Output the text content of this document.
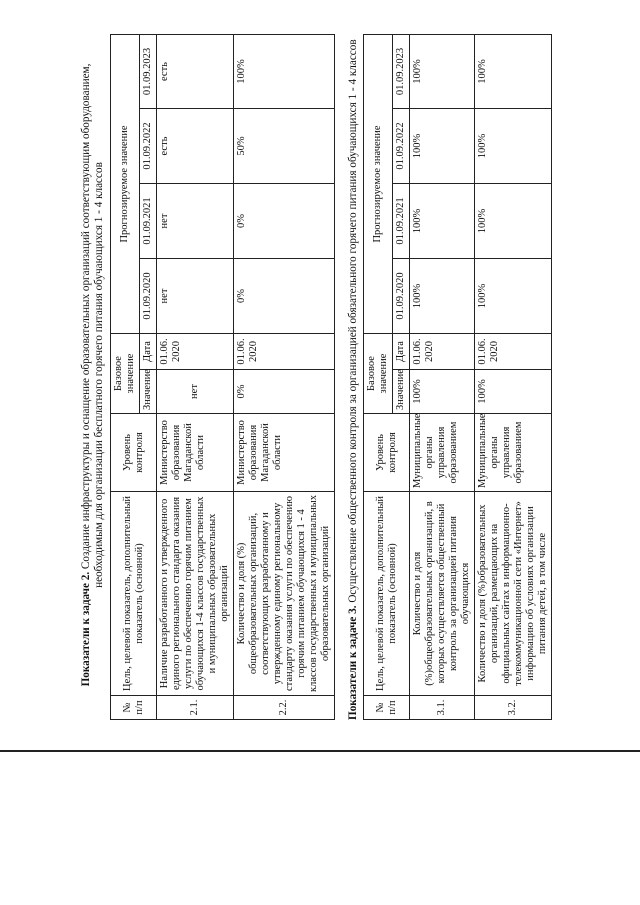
Показатели к задаче 2. Создание инфраструктуры и оснащение образовательных организаций соответствующим оборудованием, необходимым для организации бесплатного горячего питания обучающихся 1 - 4 классов

№ п/п	Цель, целевой показатель, дополнительный показатель (основной)	Уровень контроля	Базовое значение		Прогнозируемое значение			
			Значение	Дата	01.09.2020	01.09.2021	01.09.2022	01.09.2023
2.1.	Наличие разработанного и утвержденного единого регионального стандарта оказания услуги по обеспечению горячим питанием обучающихся 1-4 классов государственных и муниципальных образовательных организаций	Министерство образования Магаданской области	нет	01.06. 2020	нет	нет	есть	есть
2.2.	Количество и доля (%) общеобразовательных организаций, соответствующих разработанному и утвержденному единому региональному стандарту оказания услуги по обеспечению горячим питанием обучающихся 1 - 4 классов государственных и муниципальных образовательных организаций	Министерство образования Магаданской области	0%	01.06. 2020	0%	0%	50%	100%

Показатели к задаче 3. Осуществление общественного контроля за организацией обязательного горячего питания обучающихся 1 - 4 классов

№ п/п	Цель, целевой показатель, дополнительный показатель (основной)	Уровень контроля	Базовое значение		Прогнозируемое значение			
			Значение	Дата	01.09.2020	01.09.2021	01.09.2022	01.09.2023
3.1.	Количество и доля (%)общеобразовательных организаций, в которых осуществляется общественный контроль за организацией питания обучающихся	Муниципальные органы управления образованием	100%	01.06. 2020	100%	100%	100%	100%
3.2.	Количество и доля (%)образовательных организаций, размещающих на официальных сайтах в информационно-телекоммуникационной сети «Интернет» информацию об условиях организации питания детей, в том числе	Муниципальные органы управления образованием	100%	01.06. 2020	100%	100%	100%	100%
